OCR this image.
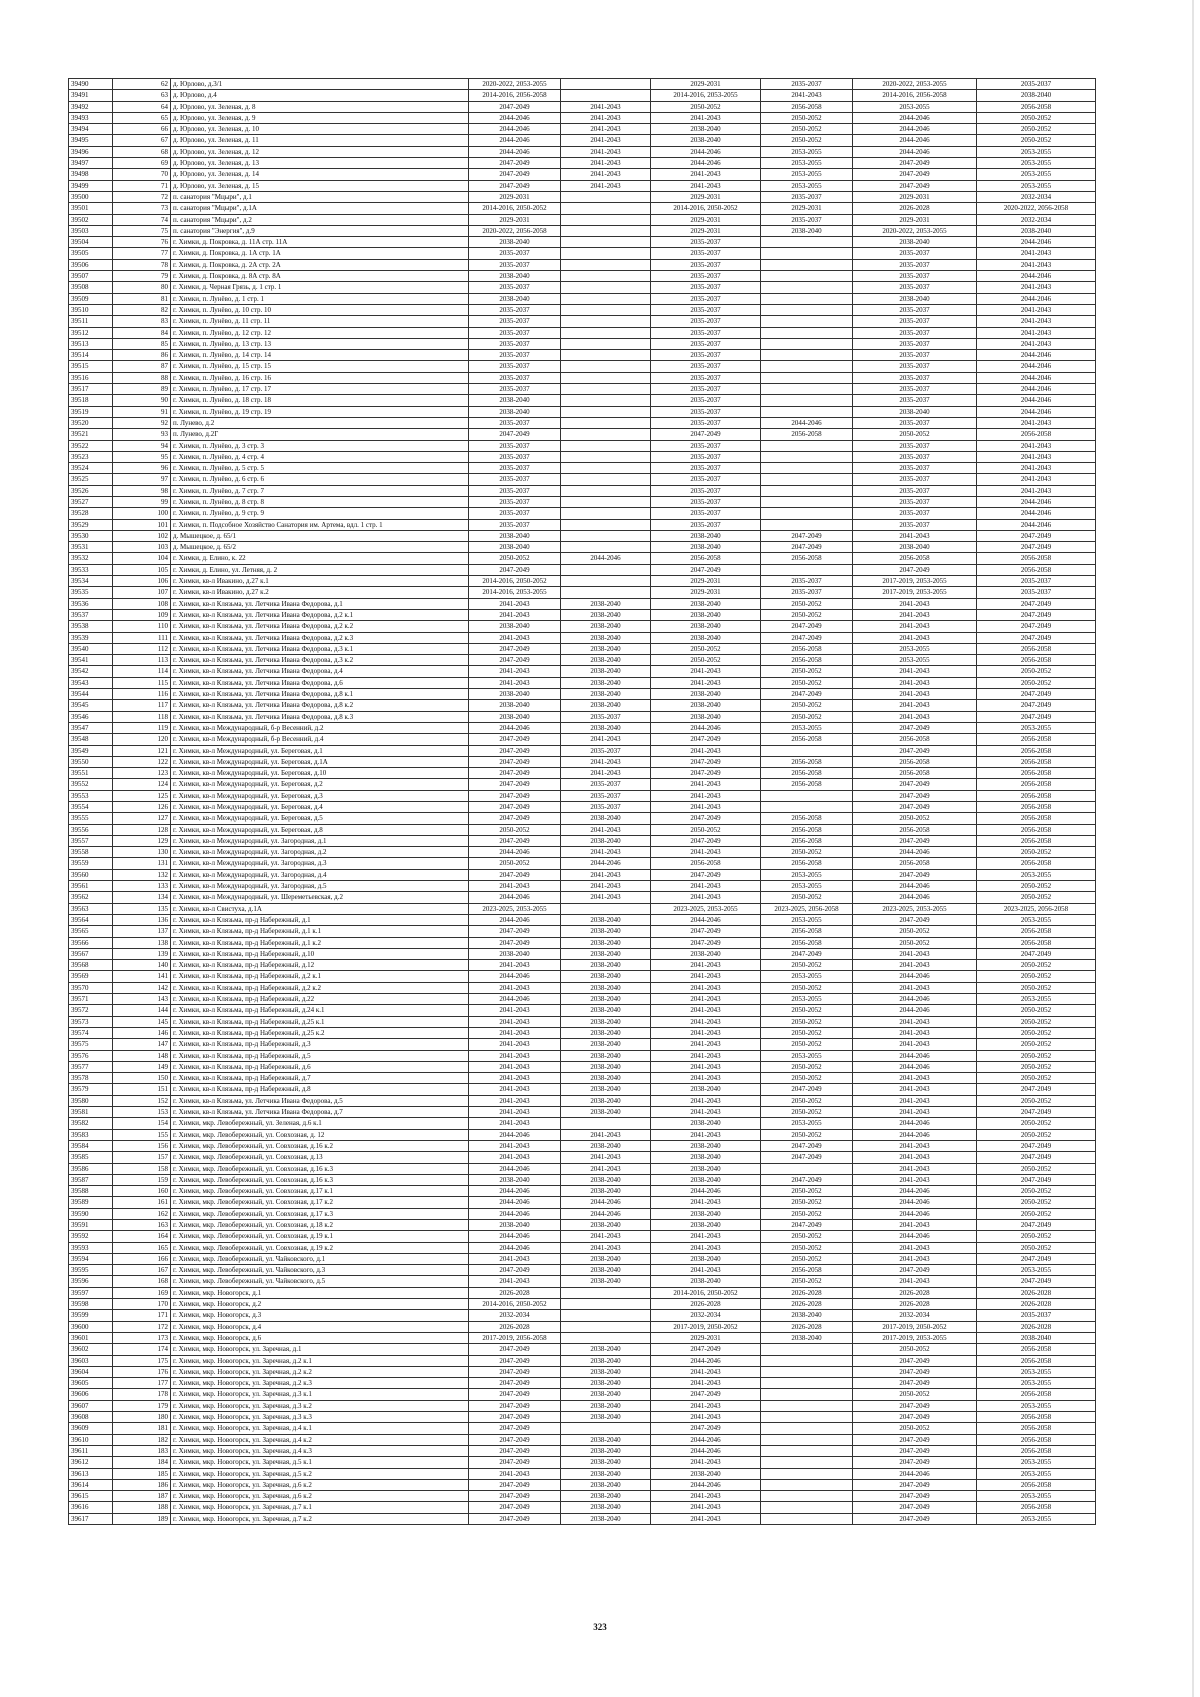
39490	62	д. Юрлово, д.3/1	2020-2022, 2053-2055		2029-2031	2035-2037	2020-2022, 2053-2055	2035-2037
39491	63	д. Юрлово, д.4	2014-2016, 2056-2058		2014-2016, 2053-2055	2041-2043	2014-2016, 2056-2058	2038-2040
39492	64	д. Юрлово, ул. Зеленая, д. 8	2047-2049	2041-2043	2050-2052	2056-2058	2053-2055	2056-2058
39493	65	д. Юрлово, ул. Зеленая, д. 9	2044-2046	2041-2043	2041-2043	2050-2052	2044-2046	2050-2052
39494	66	д. Юрлово, ул. Зеленая, д. 10	2044-2046	2041-2043	2038-2040	2050-2052	2044-2046	2050-2052
39495	67	д. Юрлово, ул. Зеленая, д. 11	2044-2046	2041-2043	2038-2040	2050-2052	2044-2046	2050-2052
39496	68	д. Юрлово, ул. Зеленая, д. 12	2044-2046	2041-2043	2044-2046	2053-2055	2044-2046	2053-2055
39497	69	д. Юрлово, ул. Зеленая, д. 13	2047-2049	2041-2043	2044-2046	2053-2055	2047-2049	2053-2055
39498	70	д. Юрлово, ул. Зеленая, д. 14	2047-2049	2041-2043	2041-2043	2053-2055	2047-2049	2053-2055
39499	71	д. Юрлово, ул. Зеленая, д. 15	2047-2049	2041-2043	2041-2043	2053-2055	2047-2049	2053-2055
39500	72	п. санатория "Мцыри", д.1	2029-2031		2029-2031	2035-2037	2029-2031	2032-2034
39501	73	п. санатория "Мцыри", д.1А	2014-2016, 2050-2052		2014-2016, 2050-2052	2029-2031	2026-2028	2020-2022, 2056-2058
39502	74	п. санатория "Мцыри", д.2	2029-2031		2029-2031	2035-2037	2029-2031	2032-2034
39503	75	п. санатория "Энергия", д.9	2020-2022, 2056-2058		2029-2031	2038-2040	2020-2022, 2053-2055	2038-2040
39504	76	г. Химки, д. Покровка, д. 11А стр. 11А	2038-2040		2035-2037		2038-2040	2044-2046
39505	77	г. Химки, д. Покровка, д. 1А стр. 1А	2035-2037		2035-2037		2035-2037	2041-2043
39506	78	г. Химки, д. Покровка, д. 2А стр. 2А	2035-2037		2035-2037		2035-2037	2041-2043
39507	79	г. Химки, д. Покровка, д. 8А стр. 8А	2038-2040		2035-2037		2035-2037	2044-2046
39508	80	г. Химки, д. Черная Грязь, д. 1 стр. 1	2035-2037		2035-2037		2035-2037	2041-2043
39509	81	г. Химки, п. Лунёво, д. 1 стр. 1	2038-2040		2035-2037		2038-2040	2044-2046
39510	82	г. Химки, п. Лунёво, д. 10 стр. 10	2035-2037		2035-2037		2035-2037	2041-2043
39511	83	г. Химки, п. Лунёво, д. 11 стр. 11	2035-2037		2035-2037		2035-2037	2041-2043
39512	84	г. Химки, п. Лунёво, д. 12 стр. 12	2035-2037		2035-2037		2035-2037	2041-2043
39513	85	г. Химки, п. Лунёво, д. 13 стр. 13	2035-2037		2035-2037		2035-2037	2041-2043
39514	86	г. Химки, п. Лунёво, д. 14 стр. 14	2035-2037		2035-2037		2035-2037	2044-2046
39515	87	г. Химки, п. Лунёво, д. 15 стр. 15	2035-2037		2035-2037		2035-2037	2044-2046
39516	88	г. Химки, п. Лунёво, д. 16 стр. 16	2035-2037		2035-2037		2035-2037	2044-2046
39517	89	г. Химки, п. Лунёво, д. 17 стр. 17	2035-2037		2035-2037		2035-2037	2044-2046
39518	90	г. Химки, п. Лунёво, д. 18 стр. 18	2038-2040		2035-2037		2035-2037	2044-2046
39519	91	г. Химки, п. Лунёво, д. 19 стр. 19	2038-2040		2035-2037		2038-2040	2044-2046
39520	92	п. Лунево, д.2	2035-2037		2035-2037	2044-2046	2035-2037	2041-2043
39521	93	п. Лунево, д.2Г	2047-2049		2047-2049	2056-2058	2050-2052	2056-2058
39522	94	г. Химки, п. Лунёво, д. 3 стр. 3	2035-2037		2035-2037		2035-2037	2041-2043
39523	95	г. Химки, п. Лунёво, д. 4 стр. 4	2035-2037		2035-2037		2035-2037	2041-2043
39524	96	г. Химки, п. Лунёво, д. 5 стр. 5	2035-2037		2035-2037		2035-2037	2041-2043
39525	97	г. Химки, п. Лунёво, д. 6 стр. 6	2035-2037		2035-2037		2035-2037	2041-2043
39526	98	г. Химки, п. Лунёво, д. 7 стр. 7	2035-2037		2035-2037		2035-2037	2041-2043
39527	99	г. Химки, п. Лунёво, д. 8 стр. 8	2035-2037		2035-2037		2035-2037	2044-2046
39528	100	г. Химки, п. Лунёво, д. 9 стр. 9	2035-2037		2035-2037		2035-2037	2044-2046
39529	101	г. Химки, п. Подсобное Хозяйство Санатория им. Артема, вдл. 1 стр. 1	2035-2037		2035-2037		2035-2037	2044-2046
39530	102	д. Мышецкое, д. 65/1	2038-2040		2038-2040	2047-2049	2041-2043	2047-2049
39531	103	д. Мышецкое, д. 65/2	2038-2040		2038-2040	2047-2049	2038-2040	2047-2049
39532	104	г. Химки, д. Елино, к. 22	2050-2052	2044-2046	2056-2058	2056-2058	2056-2058	2056-2058
39533	105	г. Химки, д. Елино, ул. Летняя, д. 2	2047-2049		2047-2049		2047-2049	2056-2058
39534	106	г. Химки, кв-л Ивакино, д.27 к.1	2014-2016, 2050-2052		2029-2031	2035-2037	2017-2019, 2053-2055	2035-2037
39535	107	г. Химки, кв-л Ивакино, д.27 к.2	2014-2016, 2053-2055		2029-2031	2035-2037	2017-2019, 2053-2055	2035-2037
39536	108	г. Химки, кв-л Клязьма, ул. Летчика Ивана Федорова, д.1	2041-2043	2038-2040	2038-2040	2050-2052	2041-2043	2047-2049
39537	109	г. Химки, кв-л Клязьма, ул. Летчика Ивана Федорова, д.2 к.1	2041-2043	2038-2040	2038-2040	2050-2052	2041-2043	2047-2049
39538	110	г. Химки, кв-л Клязьма, ул. Летчика Ивана Федорова, д.2 к.2	2038-2040	2038-2040	2038-2040	2047-2049	2041-2043	2047-2049
39539	111	г. Химки, кв-л Клязьма, ул. Летчика Ивана Федорова, д.2 к.3	2041-2043	2038-2040	2038-2040	2047-2049	2041-2043	2047-2049
39540	112	г. Химки, кв-л Клязьма, ул. Летчика Ивана Федорова, д.3 к.1	2047-2049	2038-2040	2050-2052	2056-2058	2053-2055	2056-2058
39541	113	г. Химки, кв-л Клязьма, ул. Летчика Ивана Федорова, д.3 к.2	2047-2049	2038-2040	2050-2052	2056-2058	2053-2055	2056-2058
39542	114	г. Химки, кв-л Клязьма, ул. Летчика Ивана Федорова, д.4	2041-2043	2038-2040	2041-2043	2050-2052	2041-2043	2050-2052
39543	115	г. Химки, кв-л Клязьма, ул. Летчика Ивана Федорова, д.6	2041-2043	2038-2040	2041-2043	2050-2052	2041-2043	2050-2052
39544	116	г. Химки, кв-л Клязьма, ул. Летчика Ивана Федорова, д.8 к.1	2038-2040	2038-2040	2038-2040	2047-2049	2041-2043	2047-2049
39545	117	г. Химки, кв-л Клязьма, ул. Летчика Ивана Федорова, д.8 к.2	2038-2040	2038-2040	2038-2040	2050-2052	2041-2043	2047-2049
39546	118	г. Химки, кв-л Клязьма, ул. Летчика Ивана Федорова, д.8 к.3	2038-2040	2035-2037	2038-2040	2050-2052	2041-2043	2047-2049
39547	119	г. Химки, кв-л Международный, б-р Весенний, д.2	2044-2046	2038-2040	2044-2046	2053-2055	2047-2049	2053-2055
39548	120	г. Химки, кв-л Международный, б-р Весенний, д.4	2047-2049	2041-2043	2047-2049	2056-2058	2056-2058	2056-2058
39549	121	г. Химки, кв-л Международный, ул. Береговая, д.1	2047-2049	2035-2037	2041-2043		2047-2049	2056-2058
39550	122	г. Химки, кв-л Международный, ул. Береговая, д.1А	2047-2049	2041-2043	2047-2049	2056-2058	2056-2058	2056-2058
39551	123	г. Химки, кв-л Международный, ул. Береговая, д.10	2047-2049	2041-2043	2047-2049	2056-2058	2056-2058	2056-2058
39552	124	г. Химки, кв-л Международный, ул. Береговая, д.2	2047-2049	2035-2037	2041-2043	2056-2058	2047-2049	2056-2058
39553	125	г. Химки, кв-л Международный, ул. Береговая, д.3	2047-2049	2035-2037	2041-2043		2047-2049	2056-2058
39554	126	г. Химки, кв-л Международный, ул. Береговая, д.4	2047-2049	2035-2037	2041-2043		2047-2049	2056-2058
39555	127	г. Химки, кв-л Международный, ул. Береговая, д.5	2047-2049	2038-2040	2047-2049	2056-2058	2050-2052	2056-2058
39556	128	г. Химки, кв-л Международный, ул. Береговая, д.8	2050-2052	2041-2043	2050-2052	2056-2058	2056-2058	2056-2058
39557	129	г. Химки, кв-л Международный, ул. Загородная, д.1	2047-2049	2038-2040	2047-2049	2056-2058	2047-2049	2056-2058
39558	130	г. Химки, кв-л Международный, ул. Загородная, д.2	2044-2046	2041-2043	2041-2043	2050-2052	2044-2046	2050-2052
39559	131	г. Химки, кв-л Международный, ул. Загородная, д.3	2050-2052	2044-2046	2056-2058	2056-2058	2056-2058	2056-2058
39560	132	г. Химки, кв-л Международный, ул. Загородная, д.4	2047-2049	2041-2043	2047-2049	2053-2055	2047-2049	2053-2055
39561	133	г. Химки, кв-л Международный, ул. Загородная, д.5	2041-2043	2041-2043	2041-2043	2053-2055	2044-2046	2050-2052
39562	134	г. Химки, кв-л Международный, ул. Шереметьевская, д.2	2044-2046	2041-2043	2041-2043	2050-2052	2044-2046	2050-2052
39563	135	г. Химки, кв-л Свистуха, д.1А	2023-2025, 2053-2055		2023-2025, 2053-2055	2023-2025, 2056-2058	2023-2025, 2053-2055	2023-2025, 2056-2058
39564	136	г. Химки, кв-л Клязьма, пр-д Набережный, д.1	2044-2046	2038-2040	2044-2046	2053-2055	2047-2049	2053-2055
39565	137	г. Химки, кв-л Клязьма, пр-д Набережный, д.1 к.1	2047-2049	2038-2040	2047-2049	2056-2058	2050-2052	2056-2058
39566	138	г. Химки, кв-л Клязьма, пр-д Набережный, д.1 к.2	2047-2049	2038-2040	2047-2049	2056-2058	2050-2052	2056-2058
39567	139	г. Химки, кв-л Клязьма, пр-д Набережный, д.10	2038-2040	2038-2040	2038-2040	2047-2049	2041-2043	2047-2049
39568	140	г. Химки, кв-л Клязьма, пр-д Набережный, д.12	2041-2043	2038-2040	2041-2043	2050-2052	2041-2043	2050-2052
39569	141	г. Химки, кв-л Клязьма, пр-д Набережный, д.2 к.1	2044-2046	2038-2040	2041-2043	2053-2055	2044-2046	2050-2052
39570	142	г. Химки, кв-л Клязьма, пр-д Набережный, д.2 к.2	2041-2043	2038-2040	2041-2043	2050-2052	2041-2043	2050-2052
39571	143	г. Химки, кв-л Клязьма, пр-д Набережный, д.22	2044-2046	2038-2040	2041-2043	2053-2055	2044-2046	2053-2055
39572	144	г. Химки, кв-л Клязьма, пр-д Набережный, д.24 к.1	2041-2043	2038-2040	2041-2043	2050-2052	2044-2046	2050-2052
39573	145	г. Химки, кв-л Клязьма, пр-д Набережный, д.25 к.1	2041-2043	2038-2040	2041-2043	2050-2052	2041-2043	2050-2052
39574	146	г. Химки, кв-л Клязьма, пр-д Набережный, д.25 к.2	2041-2043	2038-2040	2041-2043	2050-2052	2041-2043	2050-2052
39575	147	г. Химки, кв-л Клязьма, пр-д Набережный, д.3	2041-2043	2038-2040	2041-2043	2050-2052	2041-2043	2050-2052
39576	148	г. Химки, кв-л Клязьма, пр-д Набережный, д.5	2041-2043	2038-2040	2041-2043	2053-2055	2044-2046	2050-2052
39577	149	г. Химки, кв-л Клязьма, пр-д Набережный, д.6	2041-2043	2038-2040	2041-2043	2050-2052	2044-2046	2050-2052
39578	150	г. Химки, кв-л Клязьма, пр-д Набережный, д.7	2041-2043	2038-2040	2041-2043	2050-2052	2041-2043	2050-2052
39579	151	г. Химки, кв-л Клязьма, пр-д Набережный, д.8	2041-2043	2038-2040	2038-2040	2047-2049	2041-2043	2047-2049
39580	152	г. Химки, кв-л Клязьма, ул. Летчика Ивана Федорова, д.5	2041-2043	2038-2040	2041-2043	2050-2052	2041-2043	2050-2052
39581	153	г. Химки, кв-л Клязьма, ул. Летчика Ивана Федорова, д.7	2041-2043	2038-2040	2041-2043	2050-2052	2041-2043	2047-2049
39582	154	г. Химки, мкр. Левобережный, ул. Зеленая, д.6 к.1	2041-2043		2038-2040	2053-2055	2044-2046	2050-2052
39583	155	г. Химки, мкр. Левобережный, ул. Совхозная, д. 12	2044-2046	2041-2043	2041-2043	2050-2052	2044-2046	2050-2052
39584	156	г. Химки, мкр. Левобережный, ул. Совхозная, д.16 к.2	2041-2043	2038-2040	2038-2040	2047-2049	2041-2043	2047-2049
39585	157	г. Химки, мкр. Левобережный, ул. Совхозная, д.13	2041-2043	2041-2043	2038-2040	2047-2049	2041-2043	2047-2049
39586	158	г. Химки, мкр. Левобережный, ул. Совхозная, д.16 к.3	2044-2046	2041-2043	2038-2040		2041-2043	2050-2052
39587	159	г. Химки, мкр. Левобережный, ул. Совхозная, д.16 к.3	2038-2040	2038-2040	2038-2040	2047-2049	2041-2043	2047-2049
39588	160	г. Химки, мкр. Левобережный, ул. Совхозная, д.17 к.1	2044-2046	2038-2040	2044-2046	2050-2052	2044-2046	2050-2052
39589	161	г. Химки, мкр. Левобережный, ул. Совхозная, д.17 к.2	2044-2046	2044-2046	2041-2043	2050-2052	2044-2046	2050-2052
39590	162	г. Химки, мкр. Левобережный, ул. Совхозная, д.17 к.3	2044-2046	2044-2046	2038-2040	2050-2052	2044-2046	2050-2052
39591	163	г. Химки, мкр. Левобережный, ул. Совхозная, д.18 к.2	2038-2040	2038-2040	2038-2040	2047-2049	2041-2043	2047-2049
39592	164	г. Химки, мкр. Левобережный, ул. Совхозная, д.19 к.1	2044-2046	2041-2043	2041-2043	2050-2052	2044-2046	2050-2052
39593	165	г. Химки, мкр. Левобережный, ул. Совхозная, д.19 к.2	2044-2046	2041-2043	2041-2043	2050-2052	2041-2043	2050-2052
39594	166	г. Химки, мкр. Левобережный, ул. Чайковского, д.1	2041-2043	2038-2040	2038-2040	2050-2052	2041-2043	2047-2049
39595	167	г. Химки, мкр. Левобережный, ул. Чайковского, д.3	2047-2049	2038-2040	2041-2043	2056-2058	2047-2049	2053-2055
39596	168	г. Химки, мкр. Левобережный, ул. Чайковского, д.5	2041-2043	2038-2040	2038-2040	2050-2052	2041-2043	2047-2049
39597	169	г. Химки, мкр. Новогорск, д.1	2026-2028		2014-2016, 2050-2052	2026-2028	2026-2028	2026-2028
39598	170	г. Химки, мкр. Новогорск, д.2	2014-2016, 2050-2052		2026-2028	2026-2028	2026-2028	2026-2028
39599	171	г. Химки, мкр. Новогорск, д.3	2032-2034		2032-2034	2038-2040	2032-2034	2035-2037
39600	172	г. Химки, мкр. Новогорск, д.4	2026-2028		2017-2019, 2050-2052	2026-2028	2017-2019, 2050-2052	2026-2028
39601	173	г. Химки, мкр. Новогорск, д.6	2017-2019, 2056-2058		2029-2031	2038-2040	2017-2019, 2053-2055	2038-2040
39602	174	г. Химки, мкр. Новогорск, ул. Заречная, д.1	2047-2049	2038-2040	2047-2049		2050-2052	2056-2058
39603	175	г. Химки, мкр. Новогорск, ул. Заречная, д.2 к.1	2047-2049	2038-2040	2044-2046		2047-2049	2056-2058
39604	176	г. Химки, мкр. Новогорск, ул. Заречная, д.2 к.2	2047-2049	2038-2040	2041-2043		2047-2049	2053-2055
39605	177	г. Химки, мкр. Новогорск, ул. Заречная, д.2 к.3	2047-2049	2038-2040	2041-2043		2047-2049	2053-2055
39606	178	г. Химки, мкр. Новогорск, ул. Заречная, д.3 к.1	2047-2049	2038-2040	2047-2049		2050-2052	2056-2058
39607	179	г. Химки, мкр. Новогорск, ул. Заречная, д.3 к.2	2047-2049	2038-2040	2041-2043		2047-2049	2053-2055
39608	180	г. Химки, мкр. Новогорск, ул. Заречная, д.3 к.3	2047-2049	2038-2040	2041-2043		2047-2049	2056-2058
39609	181	г. Химки, мкр. Новогорск, ул. Заречная, д.4 к.1	2047-2049		2047-2049		2050-2052	2056-2058
39610	182	г. Химки, мкр. Новогорск, ул. Заречная, д.4 к.2	2047-2049	2038-2040	2044-2046		2047-2049	2056-2058
39611	183	г. Химки, мкр. Новогорск, ул. Заречная, д.4 к.3	2047-2049	2038-2040	2044-2046		2047-2049	2056-2058
39612	184	г. Химки, мкр. Новогорск, ул. Заречная, д.5 к.1	2047-2049	2038-2040	2041-2043		2047-2049	2053-2055
39613	185	г. Химки, мкр. Новогорск, ул. Заречная, д.5 к.2	2041-2043	2038-2040	2038-2040		2044-2046	2053-2055
39614	186	г. Химки, мкр. Новогорск, ул. Заречная, д.6 к.2	2047-2049	2038-2040	2044-2046		2047-2049	2056-2058
39615	187	г. Химки, мкр. Новогорск, ул. Заречная, д.6 к.2	2047-2049	2038-2040	2041-2043		2047-2049	2053-2055
39616	188	г. Химки, мкр. Новогорск, ул. Заречная, д.7 к.1	2047-2049	2038-2040	2041-2043		2047-2049	2056-2058
39617	189	г. Химки, мкр. Новогорск, ул. Заречная, д.7 к.2	2047-2049	2038-2040	2041-2043		2047-2049	2053-2055
323
